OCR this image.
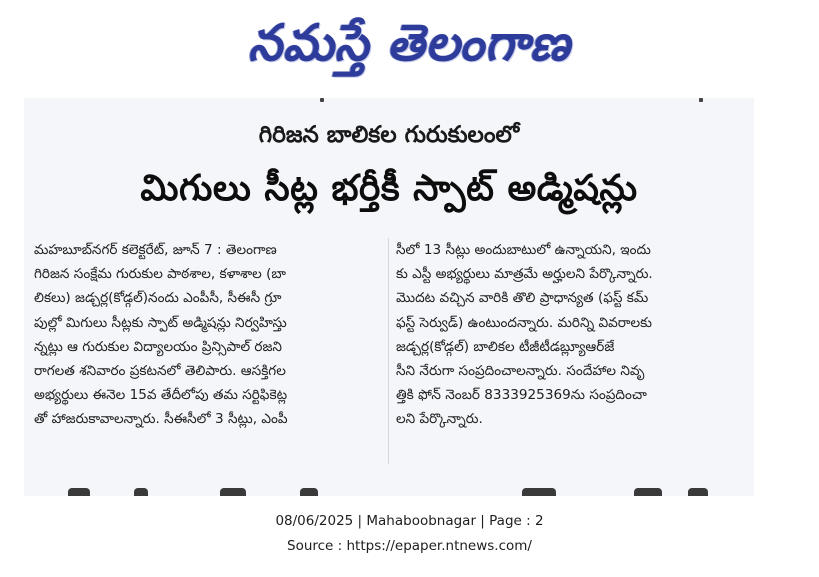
నమస్తే తెలంగాణ
గిరిజన బాలికల గురుకులంలో
మిగులు సీట్ల భర్తీకీ స్పాట్ అడ్మిషన్లు
మహబూబ్‌నగర్ కలెక్టరేట్, జూన్ 7 : తెలంగాణ
గిరిజన సంక్షేమ గురుకుల పాఠశాల, కళాశాల (బా
లికలు) జడ్చర్ల(కోడ్గల్)నందు ఎంపీసీ, సీఈసీ గ్రూ
పుల్లో మిగులు సీట్లకు స్పాట్ అడ్మిషన్లు నిర్వహిస్తు
న్నట్లు ఆ గురుకుల విద్యాలయం ప్రిన్సిపాల్ రజని
రాగలత శనివారం ప్రకటనలో తెలిపారు. ఆసక్తిగల
అభ్యర్థులు ఈనెల 15వ తేదీలోపు తమ సర్టిఫికెట్ల
తో హాజరుకావాలన్నారు. సీఈసీలో 3 సీట్లు, ఎంపీ
సీలో 13 సీట్లు అందుబాటులో ఉన్నాయని, ఇందు
కు ఎస్టీ అభ్యర్థులు మాత్రమే అర్హులని పేర్కొన్నారు.
మొదట వచ్చిన వారికి తొలి ప్రాధాన్యత (ఫస్ట్ కమ్
ఫస్ట్ సెర్వుడ్) ఉంటుందన్నారు. మరిన్ని వివరాలకు
జడ్చర్ల(కోడ్గల్) బాలికల టీజీటీడబ్ల్యూఆర్‌జే
సీని నేరుగా సంప్రదించాలన్నారు. సందేహాల నివృ
త్తికి ఫోన్ నెంబర్ 8333925369ను సంప్రదించా
లని పేర్కొన్నారు.
08/06/2025 | Mahaboobnagar | Page : 2
Source : https://epaper.ntnews.com/
